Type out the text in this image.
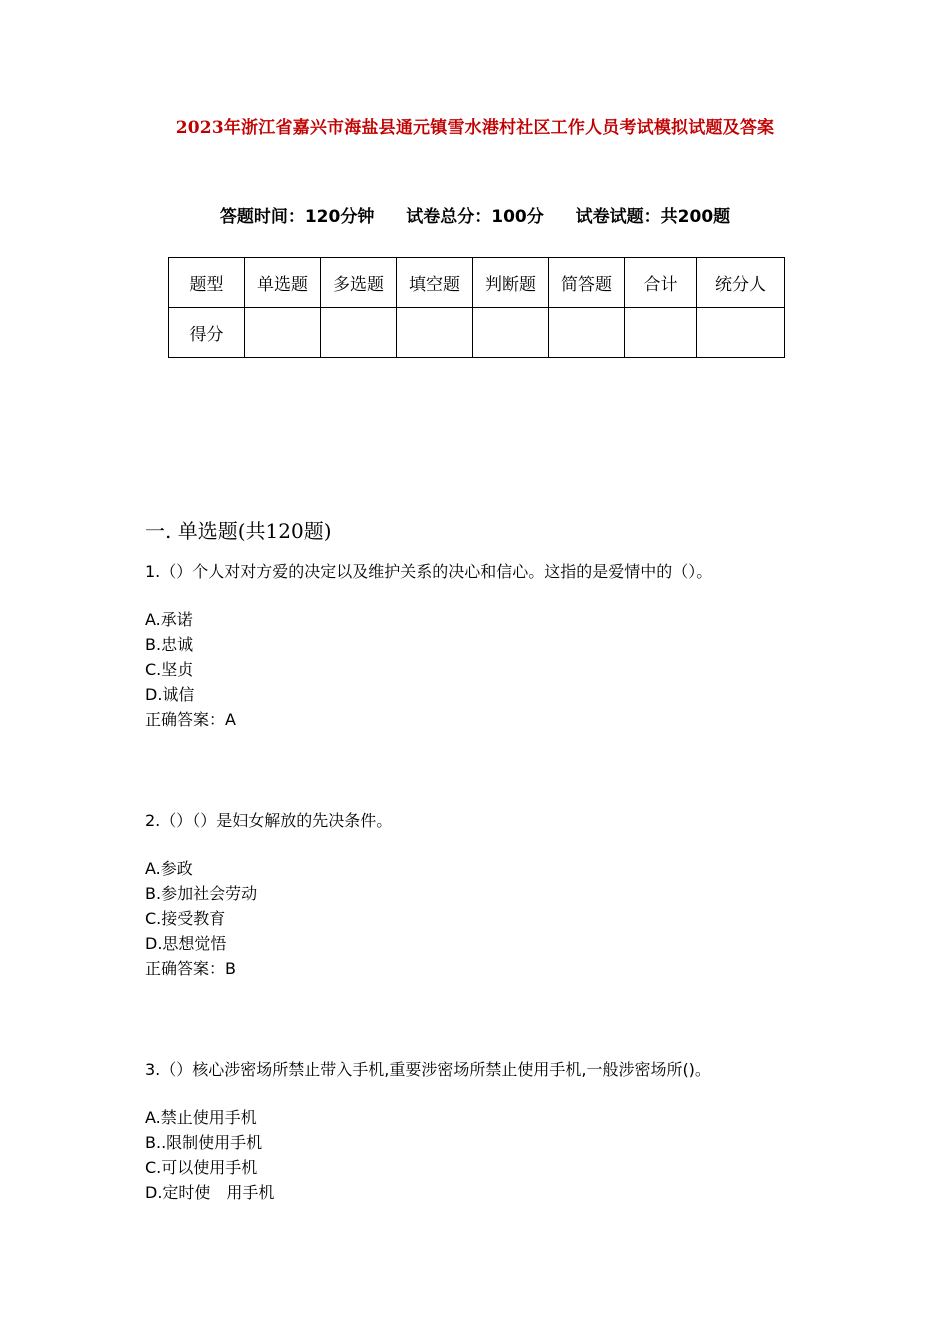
2023年浙江省嘉兴市海盐县通元镇雪水港村社区工作人员考试模拟试题及答案
答题时间：120分钟 试卷总分：100分 试卷试题：共200题
题型	单选题	多选题	填空题	判断题	简答题	合计	统分人
得分							
一. 单选题(共120题)
1.（）个人对对方爱的决定以及维护关系的决心和信心。这指的是爱情中的（）。
A.承诺
B.忠诚
C.坚贞
D.诚信
正确答案：A
2.（）（）是妇女解放的先决条件。
A.参政
B.参加社会劳动
C.接受教育
D.思想觉悟
正确答案：B
3.（）核心涉密场所禁止带入手机,重要涉密场所禁止使用手机,一般涉密场所()。
A.禁止使用手机
B..限制使用手机
C.可以使用手机
D.定时使　用手机
